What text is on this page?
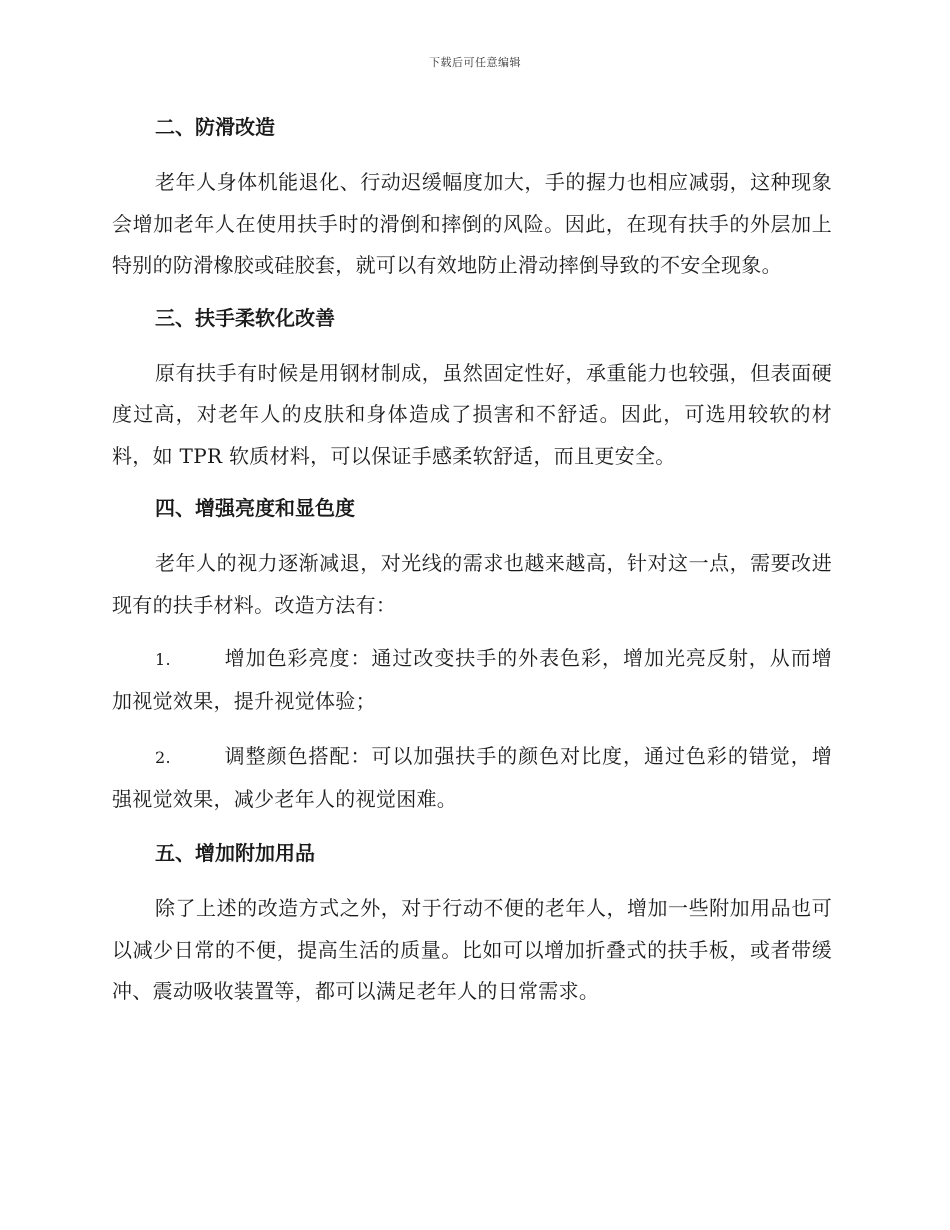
下载后可任意编辑
二、防滑改造

老年人身体机能退化、行动迟缓幅度加大，手的握力也相应减弱，这种现象会增加老年人在使用扶手时的滑倒和摔倒的风险。因此，在现有扶手的外层加上特别的防滑橡胶或硅胶套，就可以有效地防止滑动摔倒导致的不安全现象。

三、扶手柔软化改善

原有扶手有时候是用钢材制成，虽然固定性好，承重能力也较强，但表面硬度过高，对老年人的皮肤和身体造成了损害和不舒适。因此，可选用较软的材料，如 TPR 软质材料，可以保证手感柔软舒适，而且更安全。

四、增强亮度和显色度

老年人的视力逐渐减退，对光线的需求也越来越高，针对这一点，需要改进现有的扶手材料。改造方法有：

1.	增加色彩亮度：通过改变扶手的外表色彩，增加光亮反射，从而增加视觉效果，提升视觉体验；

2.	调整颜色搭配：可以加强扶手的颜色对比度，通过色彩的错觉，增强视觉效果，减少老年人的视觉困难。

五、增加附加用品

除了上述的改造方式之外，对于行动不便的老年人，增加一些附加用品也可以减少日常的不便，提高生活的质量。比如可以增加折叠式的扶手板，或者带缓冲、震动吸收装置等，都可以满足老年人的日常需求。
